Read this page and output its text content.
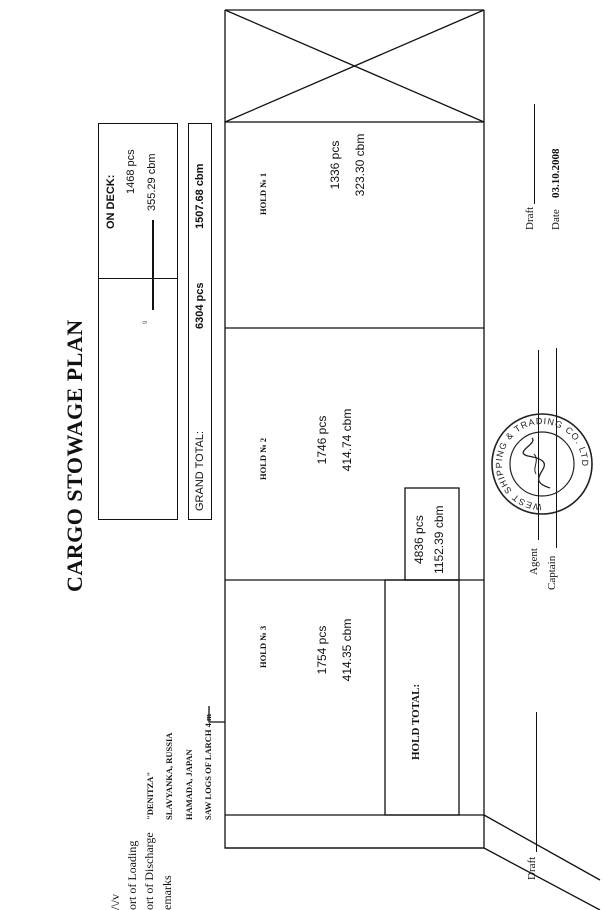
CARGO STOWAGE PLAN
/\/v
"DENITZA"
ort of Loading
SLAVYANKA, RUSSIA
ort of Discharge
HAMADA, JAPAN
emarks
SAW LOGS OF LARCH 4 m
ON DECK:
1468 pcs 355.29 cbm
9
GRAND TOTAL:
6304 pcs
1507.68 cbm
HOLD № 3	1754 pcs 414.35 cbm
HOLD № 2	1746 pcs 414.74 cbm
HOLD № 1
1336 pcs 323.30 cbm
HOLD TOTAL:
4836 pcs 1152.39 cbm
Draft
Agent Captain
Draft Date
03.10.2008
WEST SHIPPING & TRADING CO. LTD
